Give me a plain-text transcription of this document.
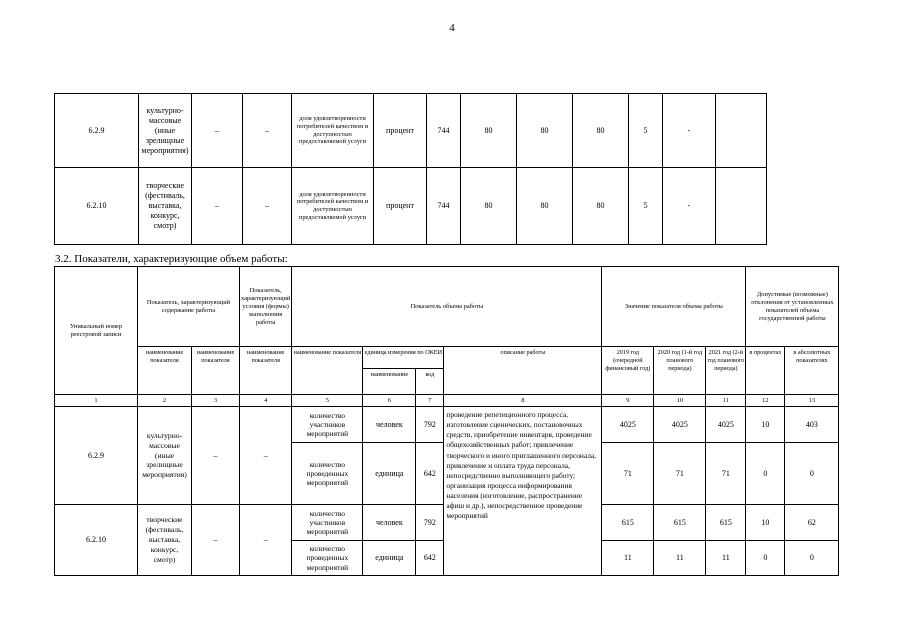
4
6.2.9	культурно-массовые (иные зрелищные мероприятия)	–	–	доля удовлетворенности потребителей качеством и доступностью предоставляемой услуги	процент	744	80	80	80	5	-	
6.2.10	творческие (фестиваль, выставка, конкурс, смотр)	–	–	доля удовлетворенности потребителей качеством и доступностью предоставляемой услуги	процент	744	80	80	80	5	-	
3.2. Показатели, характеризующие объем работы:
Уникальный номер реестровой записи	Показатель, характеризующий содержание работы		Показатель, характеризующий условия (формы) выполнения работы	Показатель объема работы				Значение показателя объема работы			Допустимые (возможные) отклонения от установленных показателей объема государственной работы	
	наименование показателя	наименование показателя	наименование показателя	наименование показателя	единица измерения по ОКЕИ		описание работы	2019 год (очередной финансовый год)	2020 год (1-й год планового периода)	2021 год (2-й год планового периода)	в процентах	в абсолютных показателях
					наименование	код						
1	2	3	4	5	6	7	8	9	10	11	12	13
6.2.9	культурно-массовые (иные зрелищные мероприятия)	–	–	количество участников мероприятий	человек	792	проведение репетиционного процесса, изготовление сценических, постановочных средств, приобретение инвентаря, проведение общехозяйственных работ; привлечение творческого и иного приглашенного персонала, привлечение и оплата труда персонала, непосредственно выполняющего работу; организация процесса информирования населения (изготовление, распространение афиш и др.), непосредственное проведение мероприятий	4025	4025	4025	10	403
				количество проведенных мероприятий	единица	642		71	71	71	0	0
6.2.10	творческие (фестиваль, выставка, конкурс, смотр)	–	–	количество участников мероприятий	человек	792		615	615	615	10	62
				количество проведенных мероприятий	единица	642		11	11	11	0	0
